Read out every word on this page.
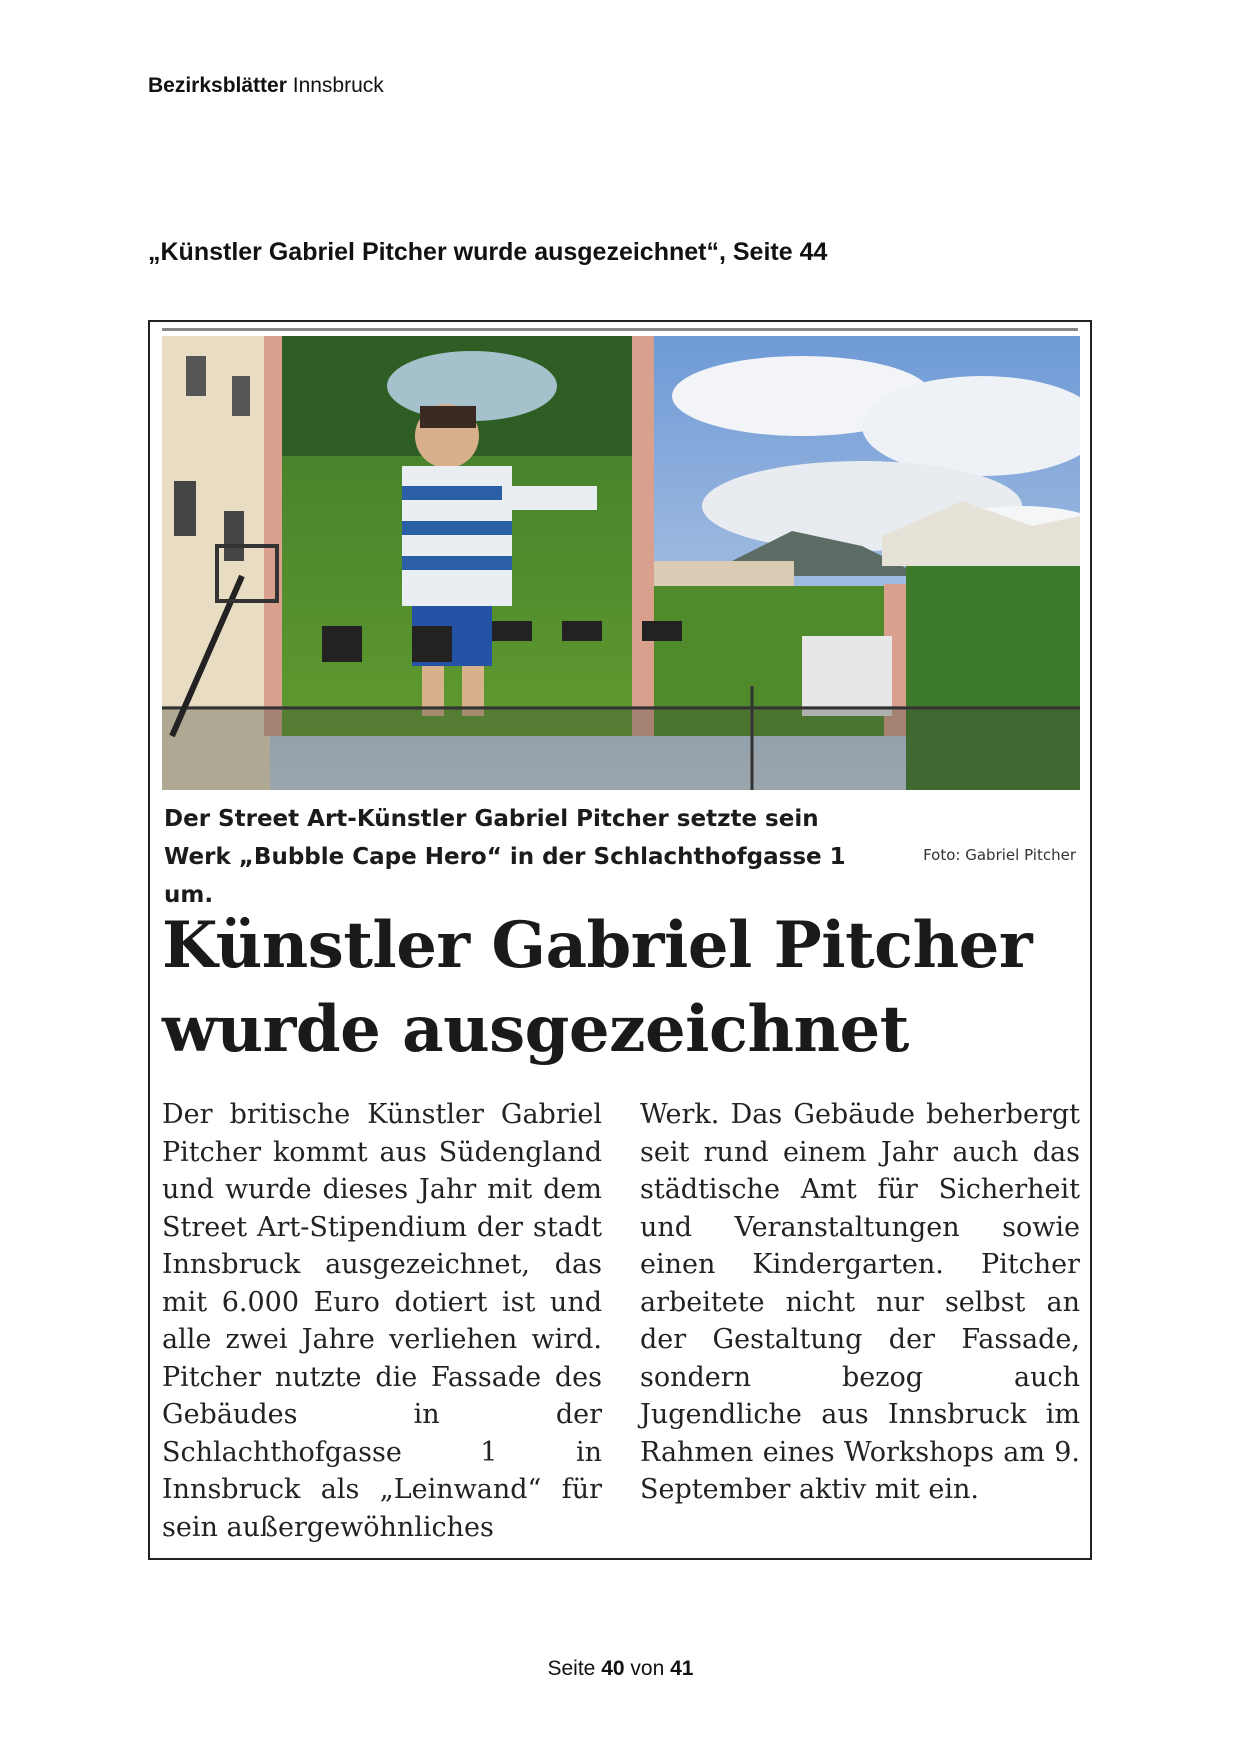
Bezirksblätter Innsbruck
„Künstler Gabriel Pitcher wurde ausgezeichnet“, Seite 44
Der Street Art-Künstler Gabriel Pitcher setzte sein Werk „Bubble Cape Hero“ in der Schlachthofgasse 1 um.
Foto: Gabriel Pitcher
Künstler Gabriel Pitcher wurde ausgezeichnet
Der britische Künstler Gabriel Pitcher kommt aus Südengland und wurde dieses Jahr mit dem Street Art-Stipendium der stadt Innsbruck ausgezeichnet, das mit 6.000 Euro dotiert ist und alle zwei Jahre verliehen wird. Pitcher nutzte die Fassade des Gebäudes in der Schlachthofgasse 1 in Innsbruck als „Leinwand“ für sein außergewöhnliches
Werk. Das Gebäude beherbergt seit rund einem Jahr auch das städtische Amt für Sicherheit und Veranstaltungen sowie einen Kindergarten. Pitcher arbeitete nicht nur selbst an der Gestaltung der Fassade, sondern bezog auch Jugendliche aus Innsbruck im Rahmen eines Workshops am 9. September aktiv mit ein.
Seite 40 von 41
